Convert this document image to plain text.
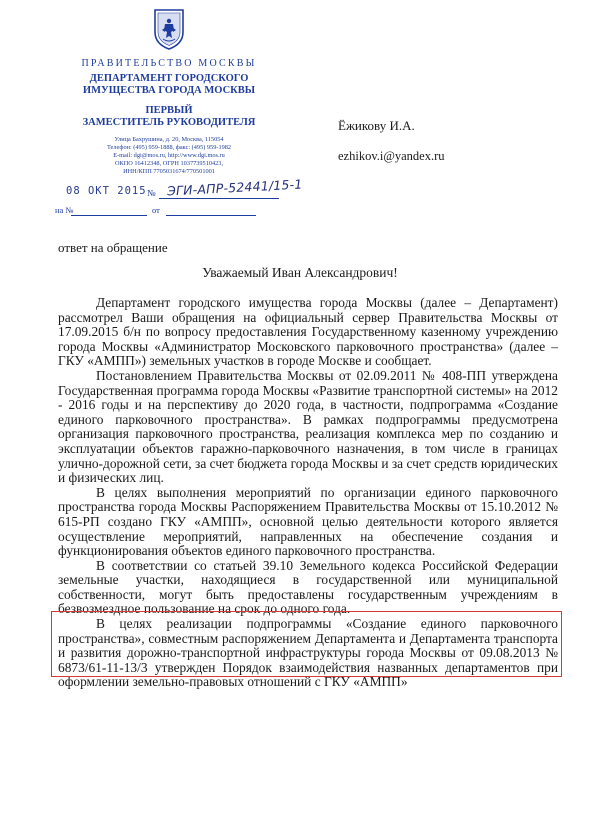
ПРАВИТЕЛЬСТВО МОСКВЫ
ДЕПАРТАМЕНТ ГОРОДСКОГО
ИМУЩЕСТВА ГОРОДА МОСКВЫ
ПЕРВЫЙ
ЗАМЕСТИТЕЛЬ РУКОВОДИТЕЛЯ
Улица Бахрушина, д. 20, Москва, 115054
Телефон: (495) 959-1888, факс: (495) 959-1982
E-mail: dgi@mos.ru, http://www.dgi.mos.ru
ОКПО 16412348, ОГРН 1037739510423,
ИНН/КПП 7705031674/770501001
08 ОКТ 2015 № ЭГИ-АПР-52441/15-1
на №	от
Ёжикову И.А.
ezhikov.i@yandex.ru
ответ на обращение
Уважаемый Иван Александрович!

Департамент городского имущества города Москвы (далее – Департамент) рассмотрел Ваши обращения на официальный сервер Правительства Москвы от 17.09.2015 б/н по вопросу предоставления Государственному казенному учреждению города Москвы «Администратор Московского парковочного пространства» (далее – ГКУ «АМПП») земельных участков в городе Москве и сообщает.

Постановлением Правительства Москвы от 02.09.2011 № 408-ПП утверждена Государственная программа города Москвы «Развитие транспортной системы» на 2012 - 2016 годы и на перспективу до 2020 года, в частности, подпрограмма «Создание единого парковочного пространства». В рамках подпрограммы предусмотрена организация парковочного пространства, реализация комплекса мер по созданию и эксплуатации объектов гаражно-парковочного назначения, в том числе в границах улично-дорожной сети, за счет бюджета города Москвы и за счет средств юридических и физических лиц.

В целях выполнения мероприятий по организации единого парковочного пространства города Москвы Распоряжением Правительства Москвы от 15.10.2012 № 615-РП создано ГКУ «АМПП», основной целью деятельности которого является осуществление мероприятий, направленных на обеспечение создания и функционирования объектов единого парковочного пространства.

В соответствии со статьей 39.10 Земельного кодекса Российской Федерации земельные участки, находящиеся в государственной или муниципальной собственности, могут быть предоставлены государственным учреждениям в безвозмездное пользование на срок до одного года.

В целях реализации подпрограммы «Создание единого парковочного пространства», совместным распоряжением Департамента и Департамента транспорта и развития дорожно-транспортной инфраструктуры города Москвы от 09.08.2013 № 6873/61-11-13/3 утвержден Порядок взаимодействия названных департаментов при оформлении земельно-правовых отношений с ГКУ «АМПП»
